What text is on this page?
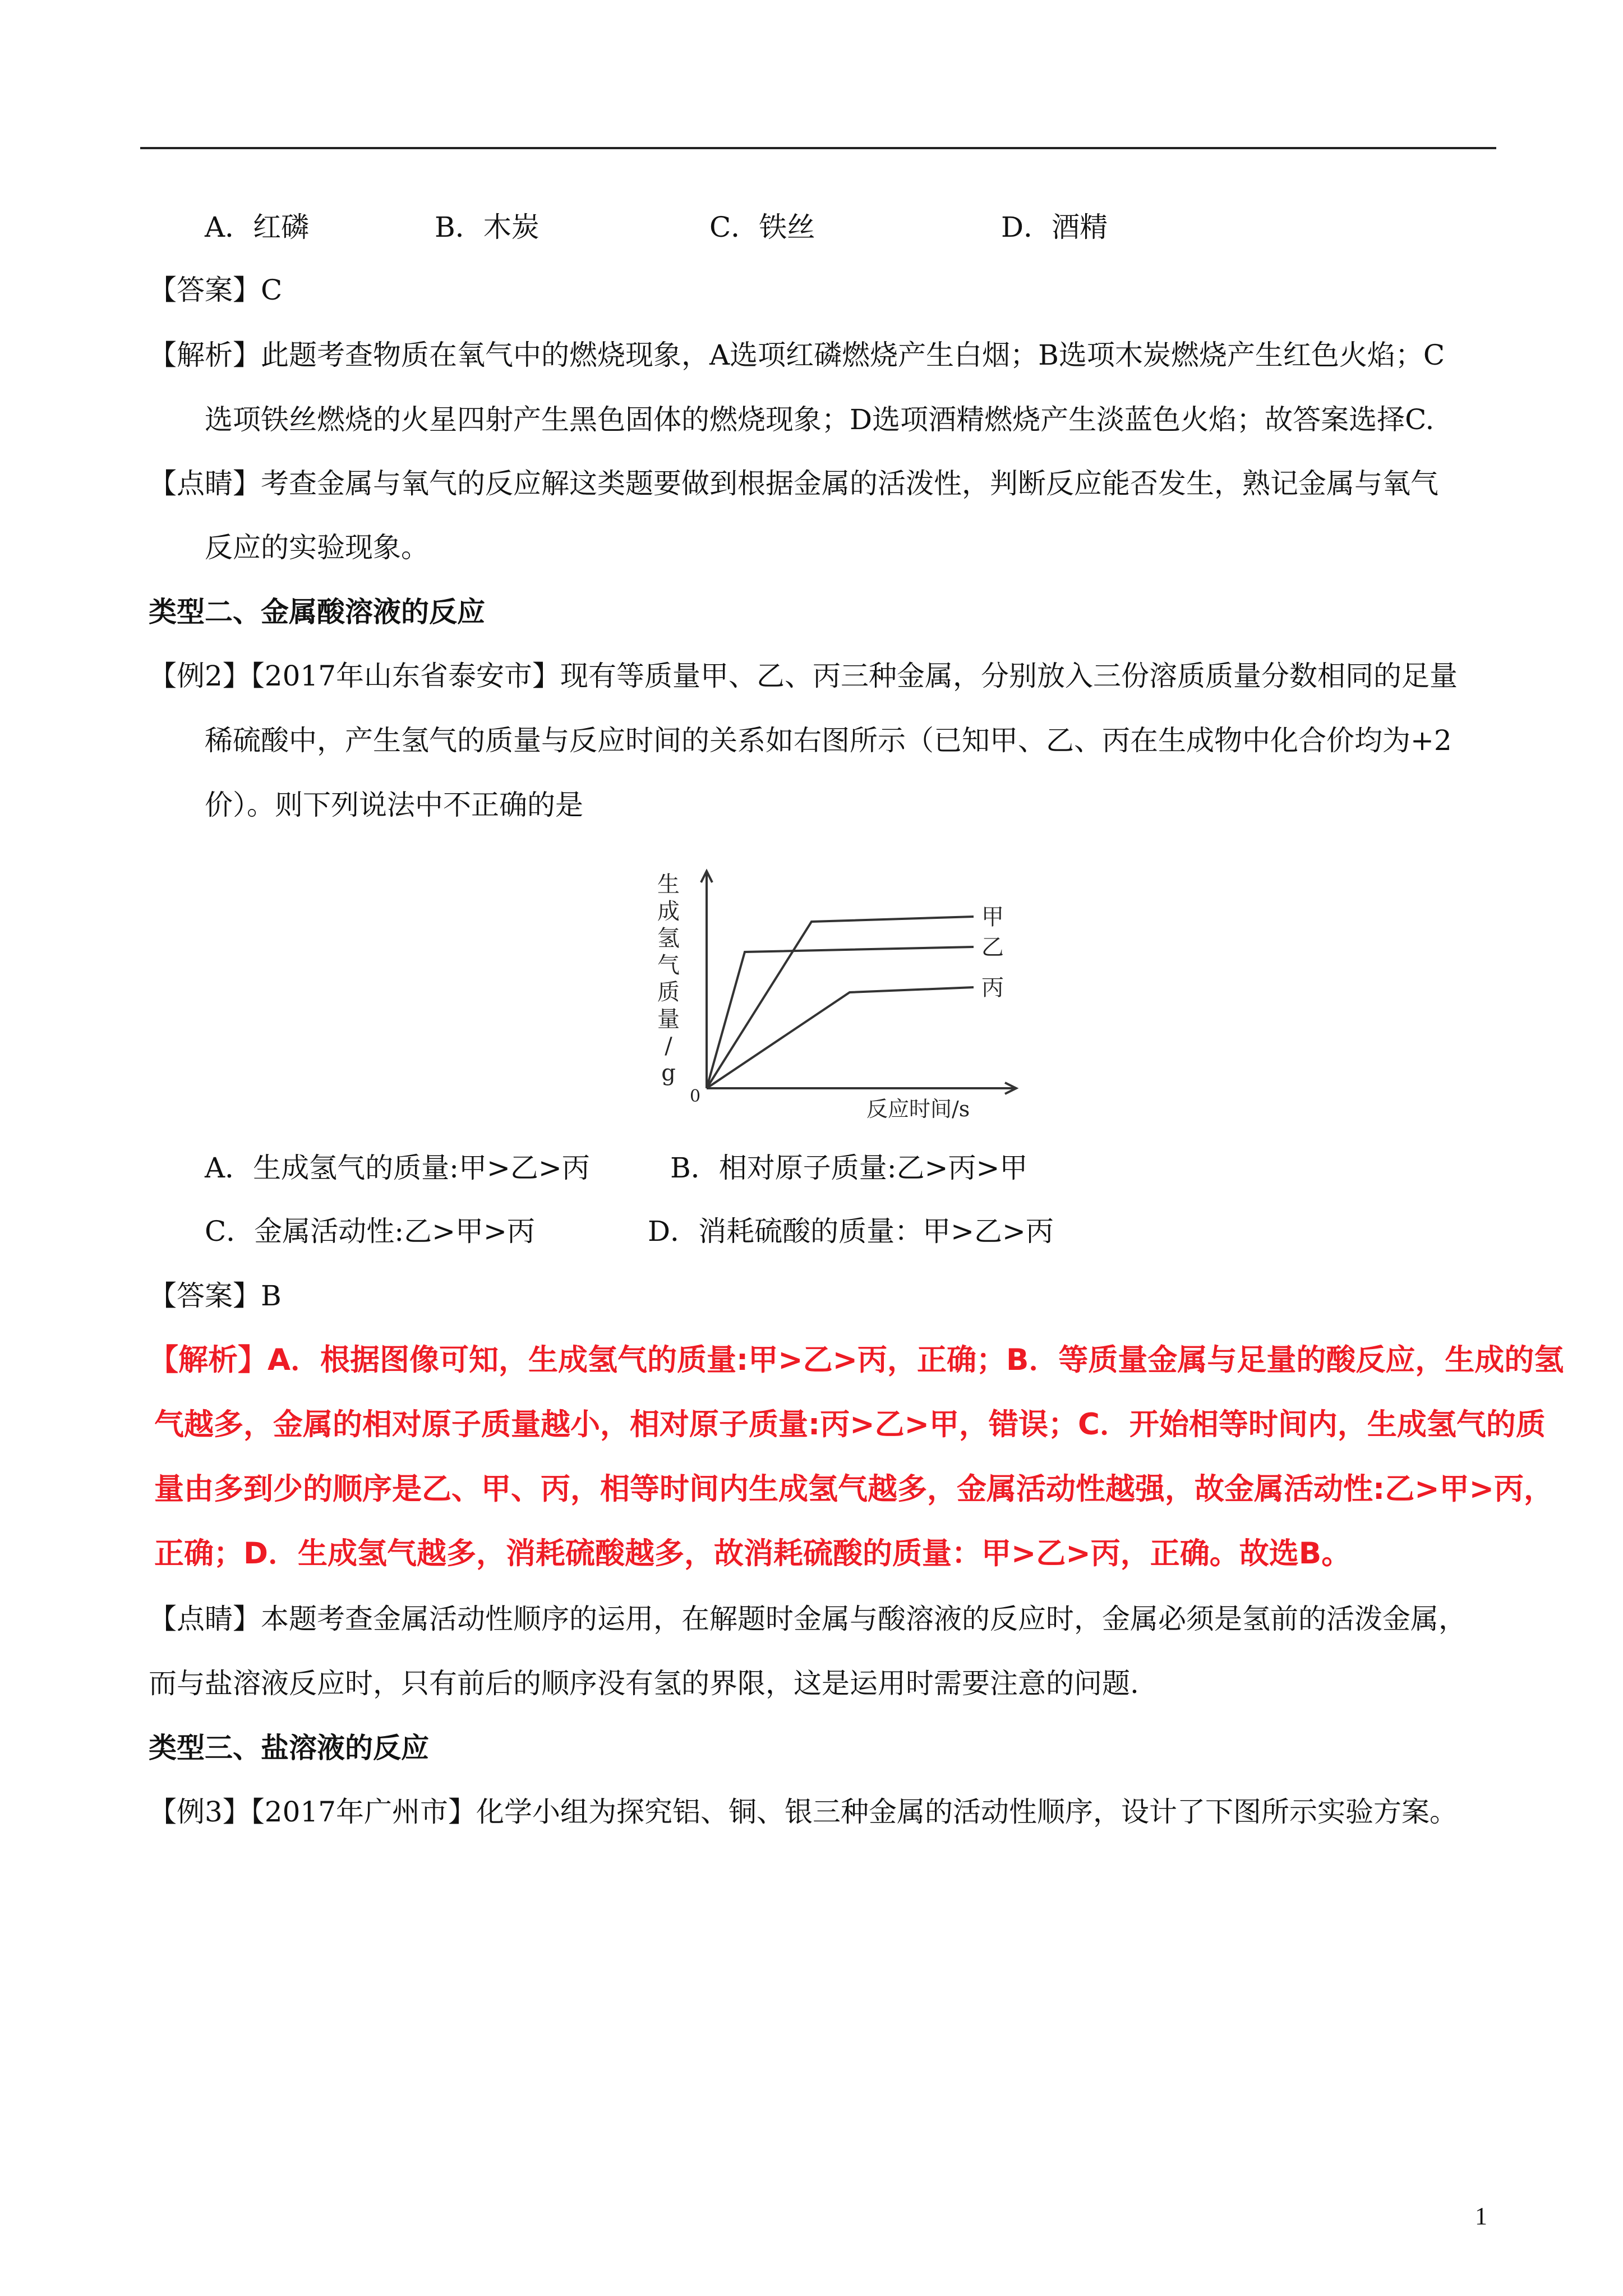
A．红磷	B．木炭	C．铁丝	D．酒精
【答案】C
【解析】此题考查物质在氧气中的燃烧现象，A选项红磷燃烧产生白烟；B选项木炭燃烧产生红色火焰；C
选项铁丝燃烧的火星四射产生黑色固体的燃烧现象；D选项酒精燃烧产生淡蓝色火焰；故答案选择C.
【点睛】考查金属与氧气的反应解这类题要做到根据金属的活泼性，判断反应能否发生，熟记金属与氧气
反应的实验现象。
类型二、金属酸溶液的反应
【例2】【2017年山东省泰安市】现有等质量甲、乙、丙三种金属，分别放入三份溶质质量分数相同的足量
稀硫酸中，产生氢气的质量与反应时间的关系如右图所示（已知甲、乙、丙在生成物中化合价均为+2
价）。则下列说法中不正确的是
甲
乙
丙
生
成
氢
气
质
量
/
g
反应时间/s
0
A．生成氢气的质量:甲>乙>丙	B．相对原子质量:乙>丙>甲
C．金属活动性:乙>甲>丙	D．消耗硫酸的质量：甲>乙>丙
【答案】B
【解析】A．根据图像可知，生成氢气的质量:甲>乙>丙，正确；B．等质量金属与足量的酸反应，生成的氢
气越多，金属的相对原子质量越小，相对原子质量:丙>乙>甲，错误；C．开始相等时间内，生成氢气的质
量由多到少的顺序是乙、甲、丙，相等时间内生成氢气越多，金属活动性越强，故金属活动性:乙>甲>丙，
正确；D．生成氢气越多，消耗硫酸越多，故消耗硫酸的质量：甲>乙>丙，正确。故选B。
【点睛】本题考查金属活动性顺序的运用，在解题时金属与酸溶液的反应时，金属必须是氢前的活泼金属，
而与盐溶液反应时，只有前后的顺序没有氢的界限，这是运用时需要注意的问题.
类型三、盐溶液的反应
【例3】【2017年广州市】化学小组为探究铝、铜、银三种金属的活动性顺序，设计了下图所示实验方案。
1
